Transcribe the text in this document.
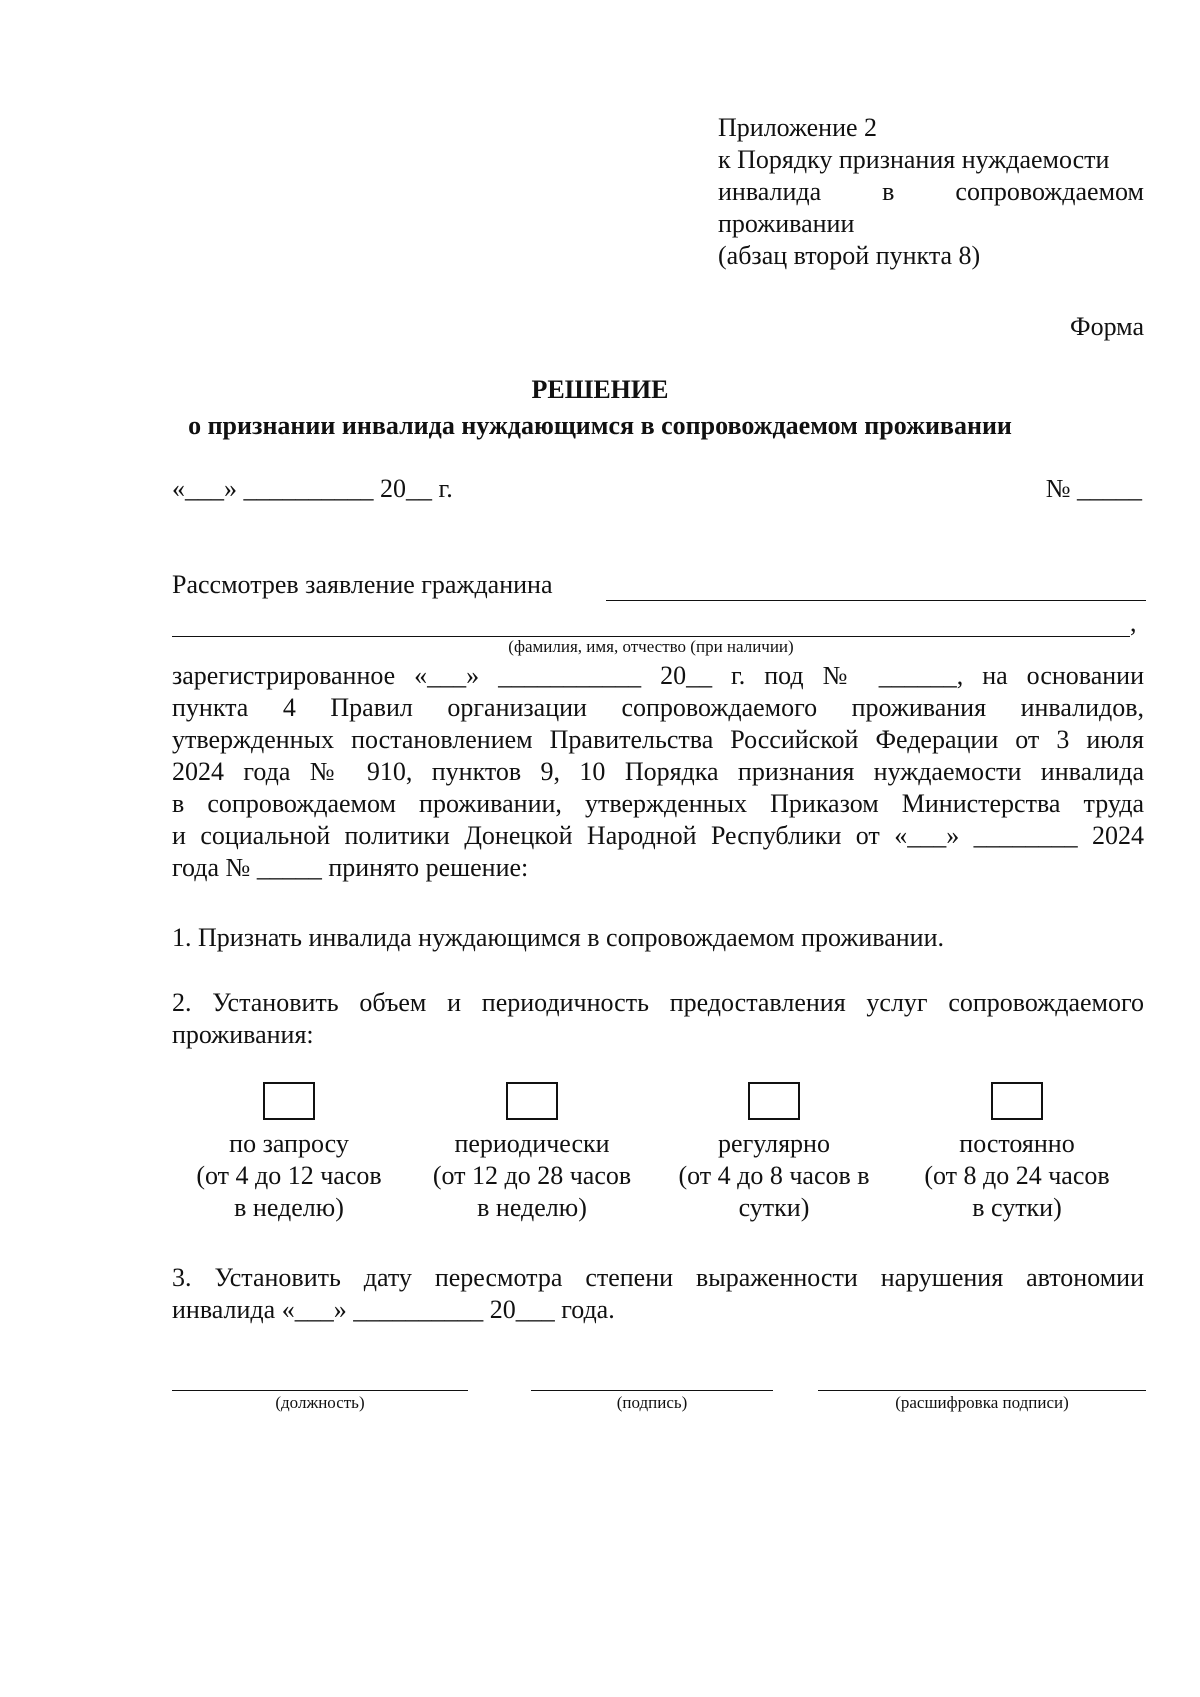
Приложение 2
к Порядку признания нуждаемости
инвалида в сопровождаемом
проживании
(абзац второй пункта 8)
Форма
РЕШЕНИЕ
о признании инвалида нуждающимся в сопровождаемом проживании
«___» __________ 20__ г.	№ _____
Рассмотрев заявление гражданина
,
(фамилия, имя, отчество (при наличии)
зарегистрированное «___» ___________ 20__ г. под № ______, на основании
пункта 4 Правил организации сопровождаемого проживания инвалидов,
утвержденных постановлением Правительства Российской Федерации от 3 июля
2024 года № 910, пунктов 9, 10 Порядка признания нуждаемости инвалида
в сопровождаемом проживании, утвержденных Приказом Министерства труда
и социальной политики Донецкой Народной Республики от «___» ________ 2024
года № _____ принято решение:
1. Признать инвалида нуждающимся в сопровождаемом проживании.
2. Установить объем и периодичность предоставления услуг сопровождаемого
проживания:
по запросу
(от 4 до 12 часов
в неделю)
периодически
(от 12 до 28 часов
в неделю)
регулярно
(от 4 до 8 часов в
сутки)
постоянно
(от 8 до 24 часов
в сутки)
3. Установить дату пересмотра степени выраженности нарушения автономии
инвалида «___» __________ 20___ года.
(должность)	(подпись)	(расшифровка подписи)
